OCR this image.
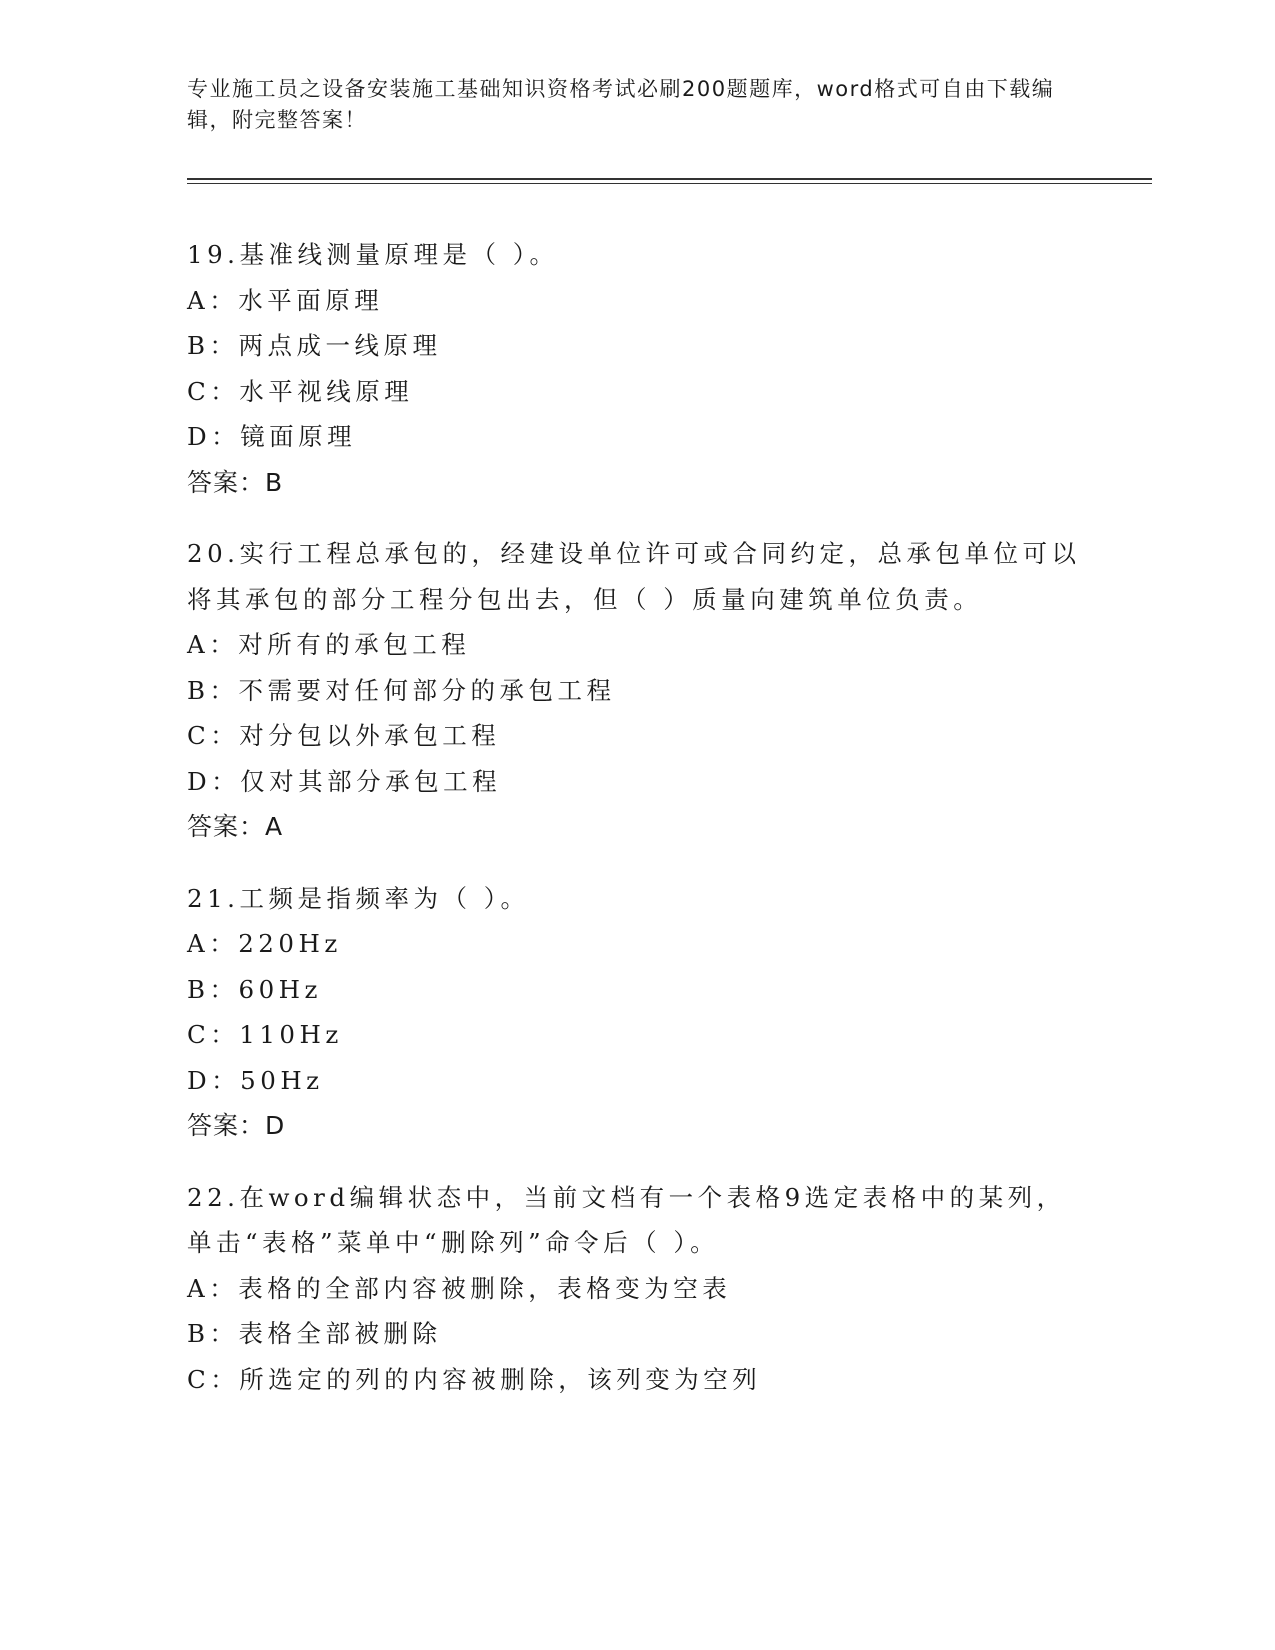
专业施工员之设备安装施工基础知识资格考试必刷200题题库，word格式可自由下载编辑，附完整答案！
19.基准线测量原理是（ ）。
A：水平面原理
B：两点成一线原理
C：水平视线原理
D：镜面原理
答案：B
20.实行工程总承包的，经建设单位许可或合同约定，总承包单位可以
将其承包的部分工程分包出去，但（ ）质量向建筑单位负责。
A：对所有的承包工程
B：不需要对任何部分的承包工程
C：对分包以外承包工程
D：仅对其部分承包工程
答案：A
21.工频是指频率为（ ）。
A：220Hz
B：60Hz
C：110Hz
D：50Hz
答案：D
22.在word编辑状态中，当前文档有一个表格9选定表格中的某列，
单击“表格”菜单中“删除列”命令后（ ）。
A：表格的全部内容被删除，表格变为空表
B：表格全部被删除
C：所选定的列的内容被删除，该列变为空列
